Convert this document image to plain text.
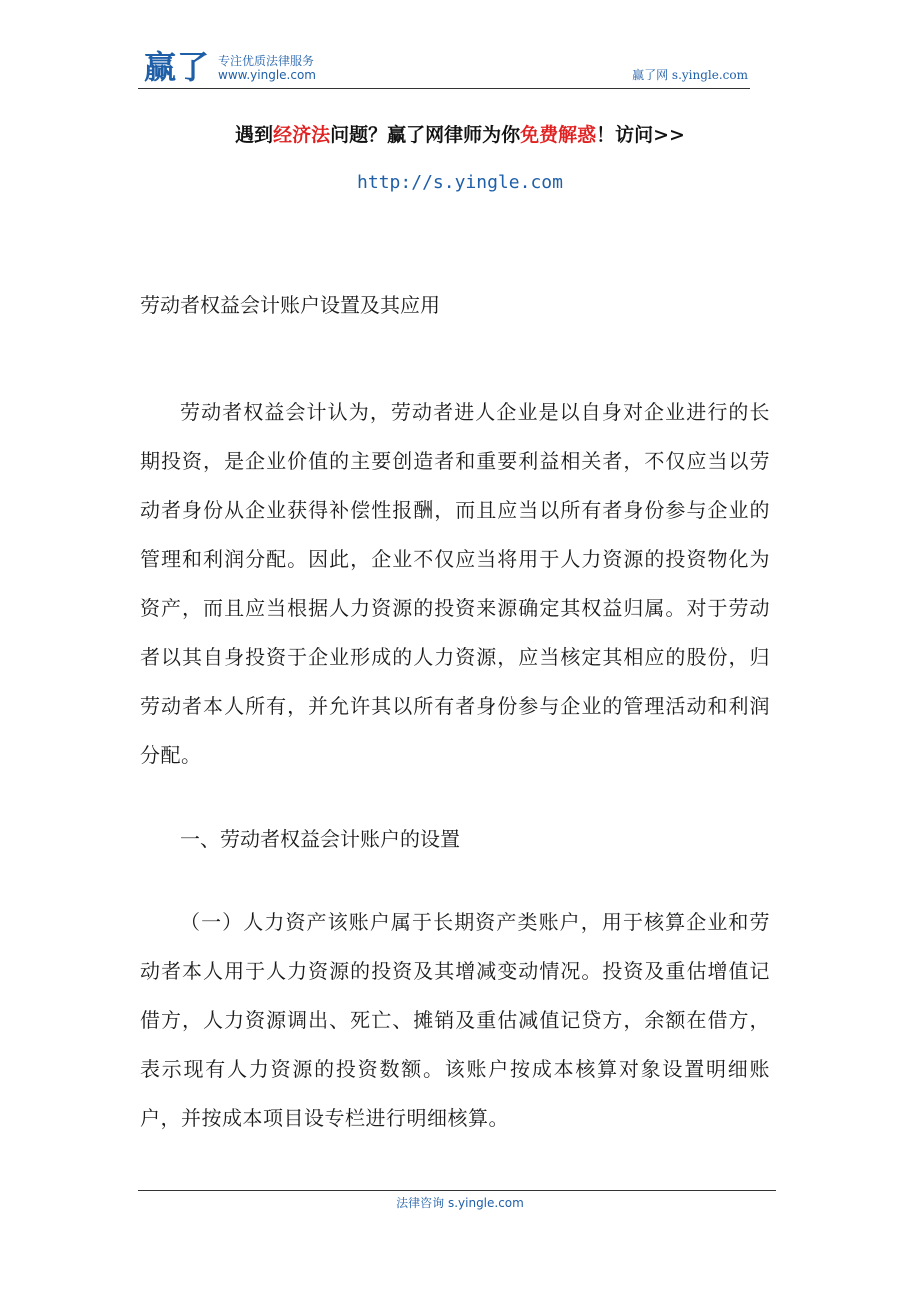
赢了 专注优质法律服务
www.yingle.com	赢了网 s.yingle.com
遇到经济法问题？赢了网律师为你免费解惑！访问>>
http://s.yingle.com
劳动者权益会计账户设置及其应用

劳动者权益会计认为，劳动者进人企业是以自身对企业进行的长期投资，是企业价值的主要创造者和重要利益相关者，不仅应当以劳动者身份从企业获得补偿性报酬，而且应当以所有者身份参与企业的管理和利润分配。因此，企业不仅应当将用于人力资源的投资物化为资产，而且应当根据人力资源的投资来源确定其权益归属。对于劳动者以其自身投资于企业形成的人力资源，应当核定其相应的股份，归劳动者本人所有，并允许其以所有者身份参与企业的管理活动和利润分配。

一、劳动者权益会计账户的设置

（一）人力资产该账户属于长期资产类账户，用于核算企业和劳动者本人用于人力资源的投资及其增减变动情况。投资及重估增值记借方，人力资源调出、死亡、摊销及重估减值记贷方，余额在借方，表示现有人力资源的投资数额。该账户按成本核算对象设置明细账户，并按成本项目设专栏进行明细核算。

法律咨询 s.yingle.com
